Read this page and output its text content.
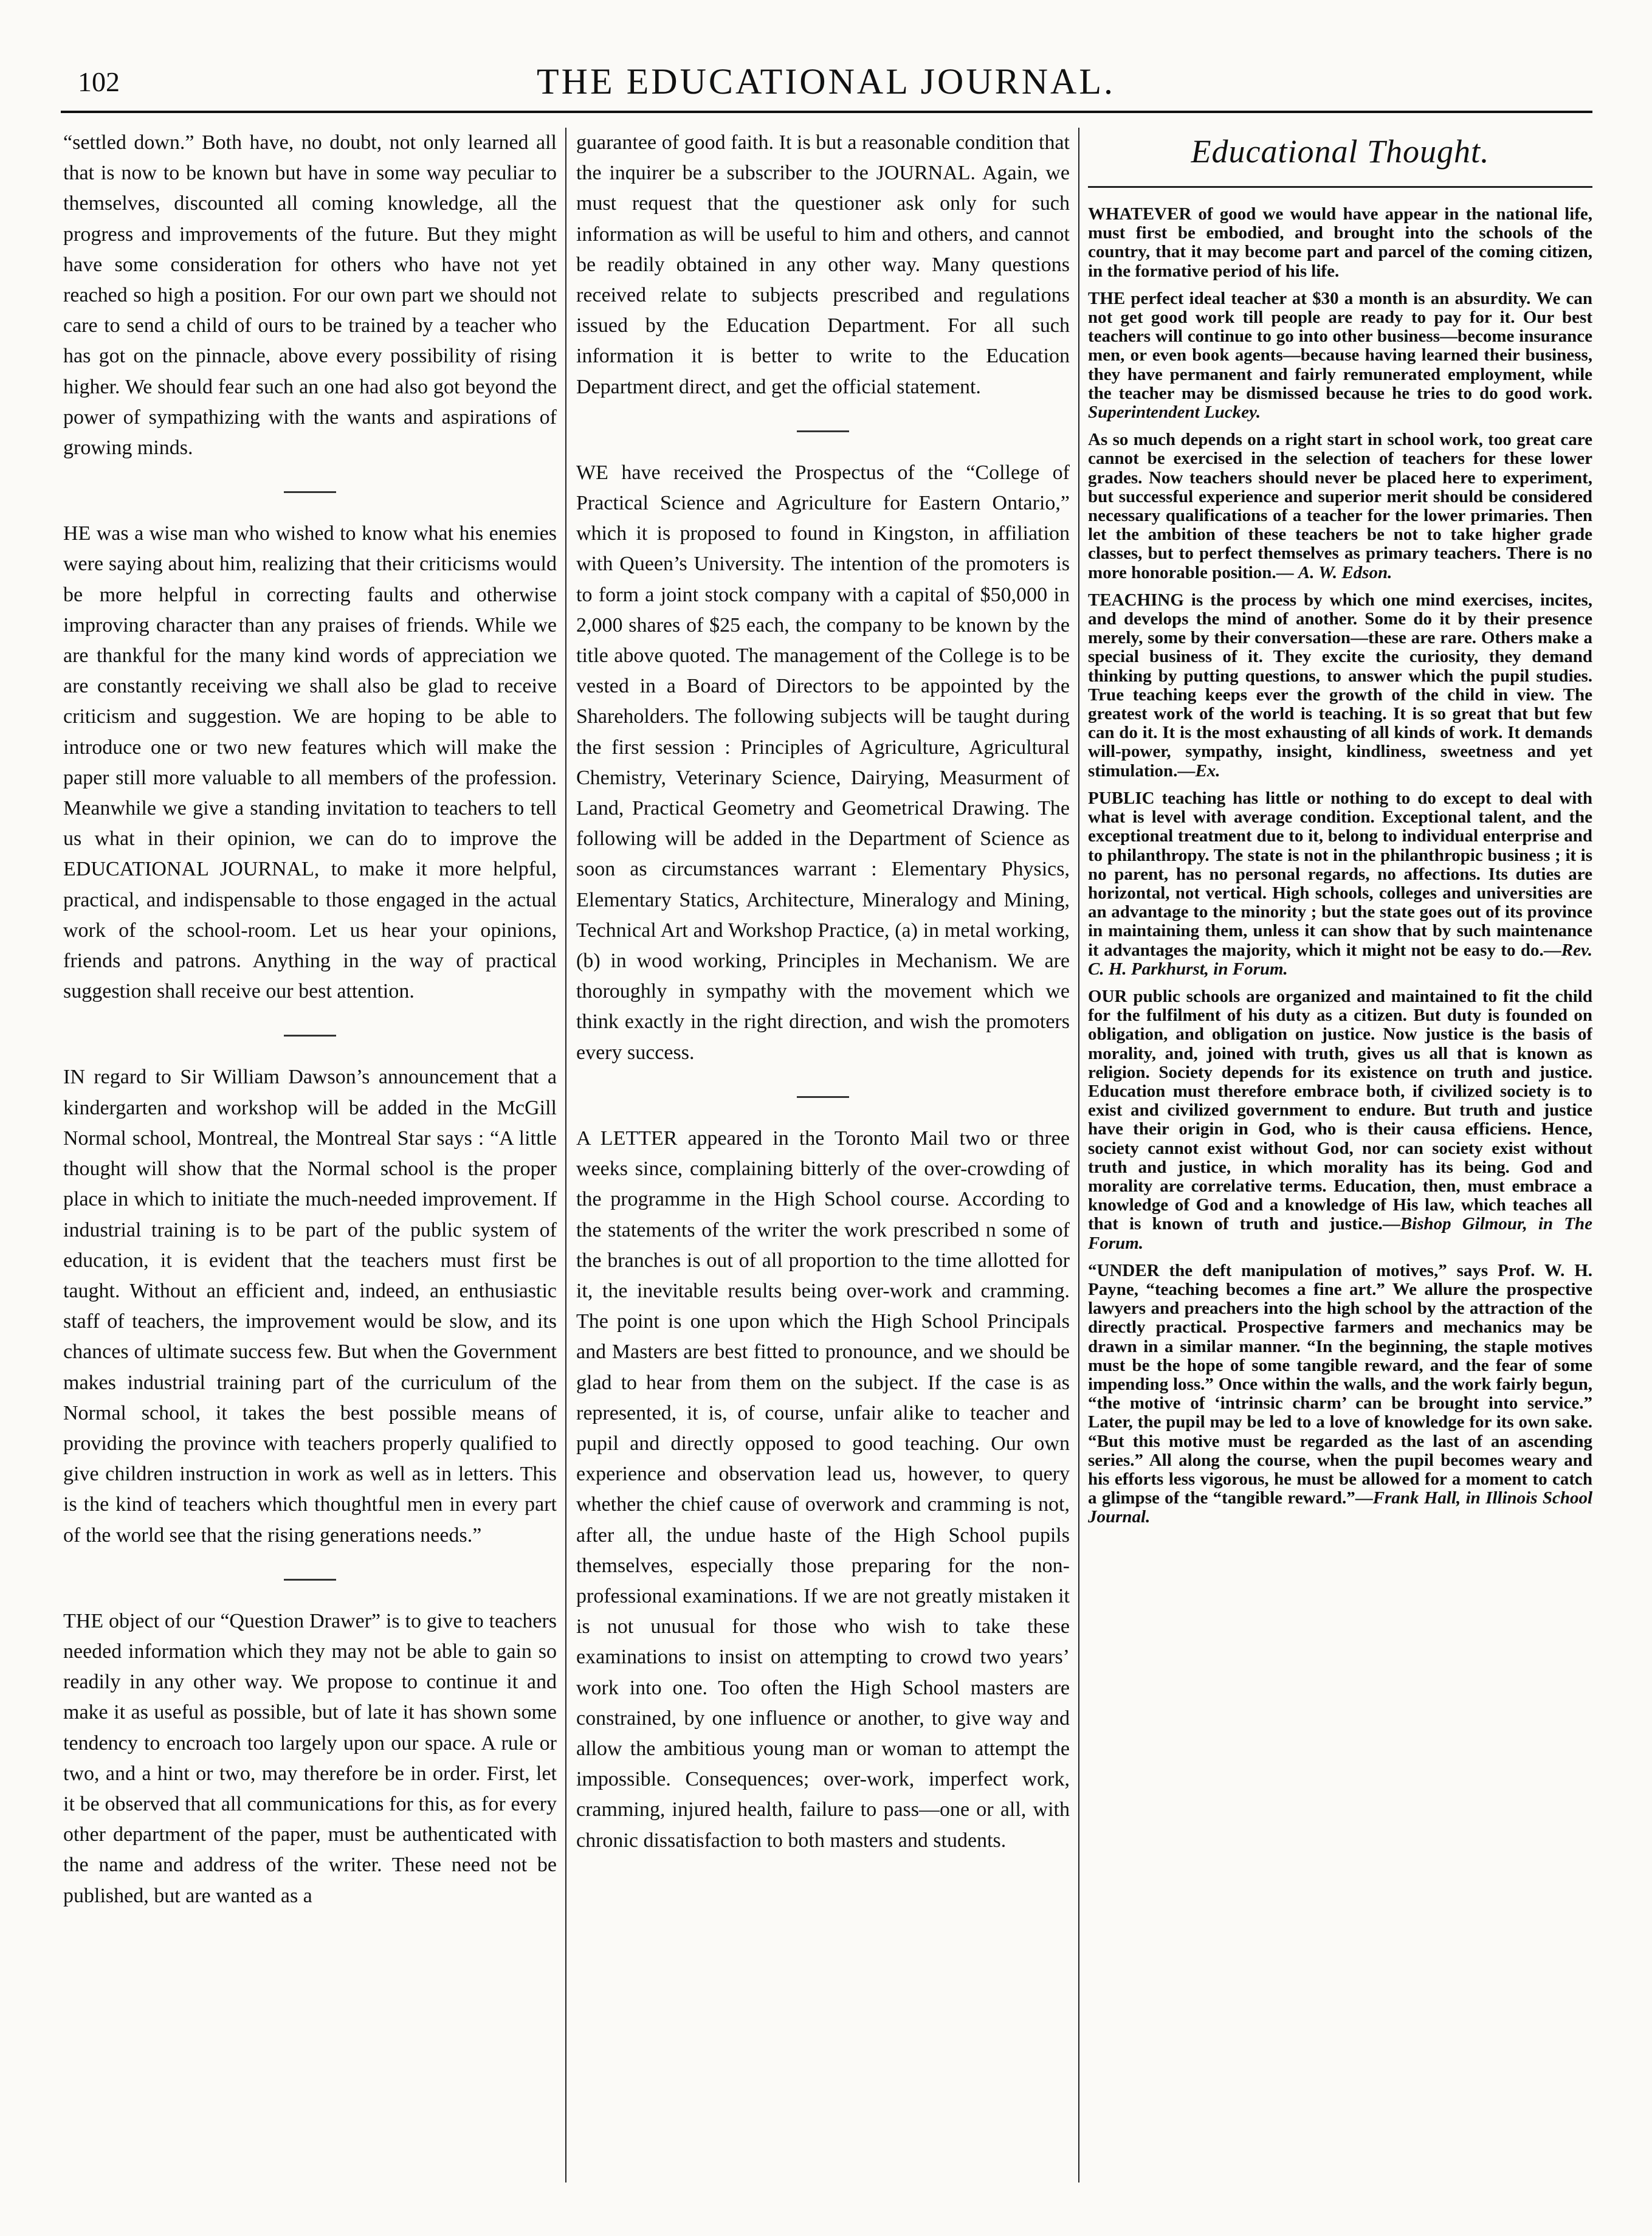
102	THE EDUCATIONAL JOURNAL.

“settled down.” Both have, no doubt, not only learned all that is now to be known but have in some way peculiar to themselves, discounted all coming knowledge, all the progress and improvements of the future. But they might have some consideration for others who have not yet reached so high a position. For our own part we should not care to send a child of ours to be trained by a teacher who has got on the pinnacle, above every possibility of rising higher. We should fear such an one had also got beyond the power of sympathizing with the wants and aspirations of growing minds.

HE was a wise man who wished to know what his enemies were saying about him, realizing that their criticisms would be more helpful in correcting faults and otherwise improving character than any praises of friends. While we are thankful for the many kind words of appreciation we are constantly receiving we shall also be glad to receive criticism and suggestion. We are hoping to be able to introduce one or two new features which will make the paper still more valuable to all members of the profession. Meanwhile we give a standing invitation to teachers to tell us what in their opinion, we can do to improve the EDUCATIONAL JOURNAL, to make it more helpful, practical, and indispensable to those engaged in the actual work of the school-room. Let us hear your opinions, friends and patrons. Anything in the way of practical suggestion shall receive our best attention.

IN regard to Sir William Dawson’s announcement that a kindergarten and workshop will be added in the McGill Normal school, Montreal, the Montreal Star says : “A little thought will show that the Normal school is the proper place in which to initiate the much-needed improvement. If industrial training is to be part of the public system of education, it is evident that the teachers must first be taught. Without an efficient and, indeed, an enthusiastic staff of teachers, the improvement would be slow, and its chances of ultimate success few. But when the Government makes industrial training part of the curriculum of the Normal school, it takes the best possible means of providing the province with teachers properly qualified to give children instruction in work as well as in letters. This is the kind of teachers which thoughtful men in every part of the world see that the rising generations needs.”

THE object of our “Question Drawer” is to give to teachers needed information which they may not be able to gain so readily in any other way. We propose to continue it and make it as useful as possible, but of late it has shown some tendency to encroach too largely upon our space. A rule or two, and a hint or two, may therefore be in order. First, let it be observed that all communications for this, as for every other department of the paper, must be authenticated with the name and address of the writer. These need not be published, but are wanted as a

guarantee of good faith. It is but a reasonable condition that the inquirer be a subscriber to the JOURNAL. Again, we must request that the questioner ask only for such information as will be useful to him and others, and cannot be readily obtained in any other way. Many questions received relate to subjects prescribed and regulations issued by the Education Department. For all such information it is better to write to the Education Department direct, and get the official statement.

WE have received the Prospectus of the “College of Practical Science and Agriculture for Eastern Ontario,” which it is proposed to found in Kingston, in affiliation with Queen’s University. The intention of the promoters is to form a joint stock company with a capital of $50,000 in 2,000 shares of $25 each, the company to be known by the title above quoted. The management of the College is to be vested in a Board of Directors to be appointed by the Shareholders. The following subjects will be taught during the first session : Principles of Agriculture, Agricultural Chemistry, Veterinary Science, Dairying, Measurment of Land, Practical Geometry and Geometrical Drawing. The following will be added in the Department of Science as soon as circumstances warrant : Elementary Physics, Elementary Statics, Architecture, Mineralogy and Mining, Technical Art and Workshop Practice, (a) in metal working, (b) in wood working, Principles in Mechanism. We are thoroughly in sympathy with the movement which we think exactly in the right direction, and wish the promoters every success.

A LETTER appeared in the Toronto Mail two or three weeks since, complaining bitterly of the over-crowding of the programme in the High School course. According to the statements of the writer the work prescribed n some of the branches is out of all proportion to the time allotted for it, the inevitable results being over-work and cramming. The point is one upon which the High School Principals and Masters are best fitted to pronounce, and we should be glad to hear from them on the subject. If the case is as represented, it is, of course, unfair alike to teacher and pupil and directly opposed to good teaching. Our own experience and observation lead us, however, to query whether the chief cause of overwork and cramming is not, after all, the undue haste of the High School pupils themselves, especially those preparing for the non-professional examinations. If we are not greatly mistaken it is not unusual for those who wish to take these examinations to insist on attempting to crowd two years’ work into one. Too often the High School masters are constrained, by one influence or another, to give way and allow the ambitious young man or woman to attempt the impossible. Consequences; over-work, imperfect work, cramming, injured health, failure to pass—one or all, with chronic dissatisfaction to both masters and students.

Educational Thought.

WHATEVER of good we would have appear in the national life, must first be embodied, and brought into the schools of the country, that it may become part and parcel of the coming citizen, in the formative period of his life.

THE perfect ideal teacher at $30 a month is an absurdity. We can not get good work till people are ready to pay for it. Our best teachers will continue to go into other business—become insurance men, or even book agents—because having learned their business, they have permanent and fairly remunerated employment, while the teacher may be dismissed because he tries to do good work. Superintendent Luckey.

As so much depends on a right start in school work, too great care cannot be exercised in the selection of teachers for these lower grades. Now teachers should never be placed here to experiment, but successful experience and superior merit should be considered necessary qualifications of a teacher for the lower primaries. Then let the ambition of these teachers be not to take higher grade classes, but to perfect themselves as primary teachers. There is no more honorable position.— A. W. Edson.

TEACHING is the process by which one mind exercises, incites, and develops the mind of another. Some do it by their presence merely, some by their conversation—these are rare. Others make a special business of it. They excite the curiosity, they demand thinking by putting questions, to answer which the pupil studies. True teaching keeps ever the growth of the child in view. The greatest work of the world is teaching. It is so great that but few can do it. It is the most exhausting of all kinds of work. It demands will-power, sympathy, insight, kindliness, sweetness and yet stimulation.—Ex.

PUBLIC teaching has little or nothing to do except to deal with what is level with average condition. Exceptional talent, and the exceptional treatment due to it, belong to individual enterprise and to philanthropy. The state is not in the philanthropic business ; it is no parent, has no personal regards, no affections. Its duties are horizontal, not vertical. High schools, colleges and universities are an advantage to the minority ; but the state goes out of its province in maintaining them, unless it can show that by such maintenance it advantages the majority, which it might not be easy to do.—Rev. C. H. Parkhurst, in Forum.

OUR public schools are organized and maintained to fit the child for the fulfilment of his duty as a citizen. But duty is founded on obligation, and obligation on justice. Now justice is the basis of morality, and, joined with truth, gives us all that is known as religion. Society depends for its existence on truth and justice. Education must therefore embrace both, if civilized society is to exist and civilized government to endure. But truth and justice have their origin in God, who is their causa efficiens. Hence, society cannot exist without God, nor can society exist without truth and justice, in which morality has its being. God and morality are correlative terms. Education, then, must embrace a knowledge of God and a knowledge of His law, which teaches all that is known of truth and justice.—Bishop Gilmour, in The Forum.

“UNDER the deft manipulation of motives,” says Prof. W. H. Payne, “teaching becomes a fine art.” We allure the prospective lawyers and preachers into the high school by the attraction of the directly practical. Prospective farmers and mechanics may be drawn in a similar manner. “In the beginning, the staple motives must be the hope of some tangible reward, and the fear of some impending loss.” Once within the walls, and the work fairly begun, “the motive of ‘intrinsic charm’ can be brought into service.” Later, the pupil may be led to a love of knowledge for its own sake. “But this motive must be regarded as the last of an ascending series.” All along the course, when the pupil becomes weary and his efforts less vigorous, he must be allowed for a moment to catch a glimpse of the “tangible reward.”—Frank Hall, in Illinois School Journal.
